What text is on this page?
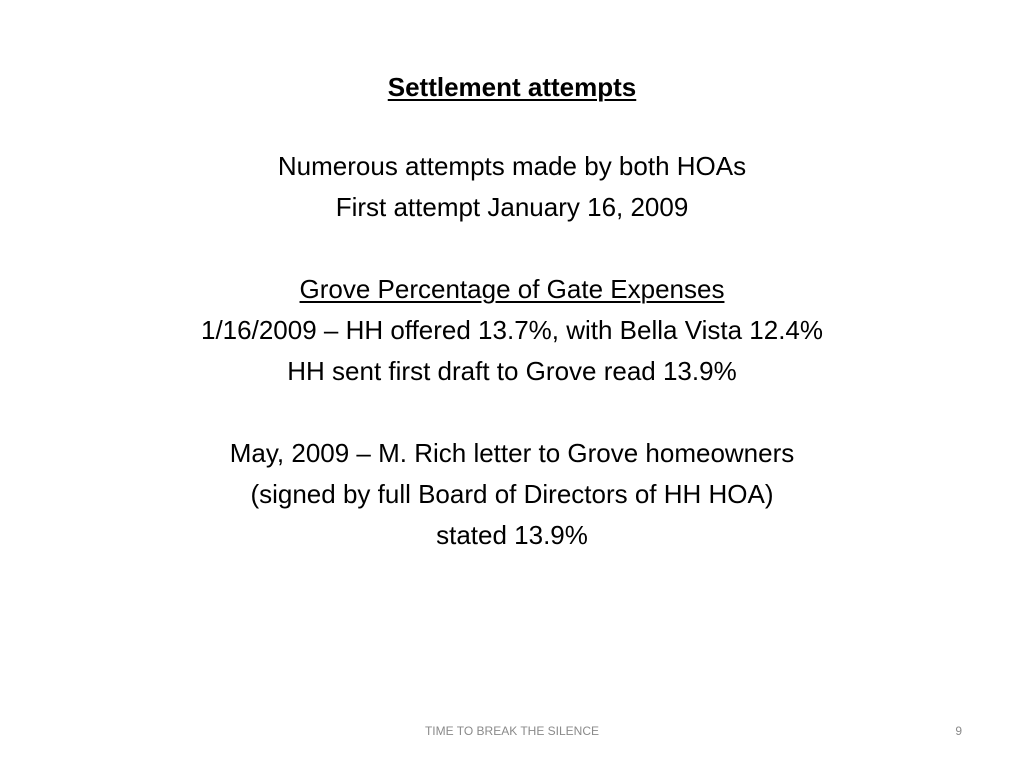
Settlement attempts
Numerous attempts made by both HOAs
First attempt January 16, 2009
Grove Percentage of Gate Expenses
1/16/2009 – HH offered 13.7%, with Bella Vista 12.4%
HH sent first draft to Grove read 13.9%
May, 2009 – M. Rich letter to Grove homeowners
(signed by full Board of Directors of HH HOA)
stated 13.9%
TIME TO BREAK THE SILENCE	9
